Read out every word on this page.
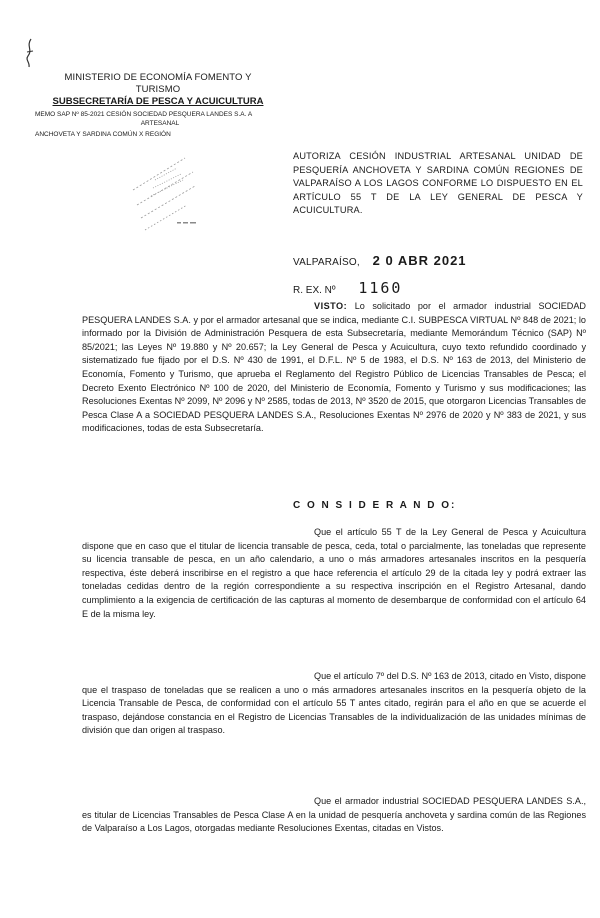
MINISTERIO DE ECONOMÍA FOMENTO Y TURISMO
SUBSECRETARÍA DE PESCA Y ACUICULTURA
MEMO SAP Nº 85-2021 CESIÓN SOCIEDAD PESQUERA LANDES S.A. A
ARTESANAL
ANCHOVETA Y SARDINA COMÚN X REGIÓN
AUTORIZA CESIÓN INDUSTRIAL ARTESANAL UNIDAD DE PESQUERÍA ANCHOVETA Y SARDINA COMÚN REGIONES DE VALPARAÍSO A LOS LAGOS CONFORME LO DISPUESTO EN EL ARTÍCULO 55 T DE LA LEY GENERAL DE PESCA Y ACUICULTURA.
VALPARAÍSO, 2 0 ABR 2021
R. EX. Nº 1160
VISTO: Lo solicitado por el armador industrial SOCIEDAD PESQUERA LANDES S.A. y por el armador artesanal que se indica, mediante C.I. SUBPESCA VIRTUAL Nº 848 de 2021; lo informado por la División de Administración Pesquera de esta Subsecretaría, mediante Memorándum Técnico (SAP) Nº 85/2021; las Leyes Nº 19.880 y Nº 20.657; la Ley General de Pesca y Acuicultura, cuyo texto refundido coordinado y sistematizado fue fijado por el D.S. Nº 430 de 1991, el D.F.L. Nº 5 de 1983, el D.S. Nº 163 de 2013, del Ministerio de Economía, Fomento y Turismo, que aprueba el Reglamento del Registro Público de Licencias Transables de Pesca; el Decreto Exento Electrónico Nº 100 de 2020, del Ministerio de Economía, Fomento y Turismo y sus modificaciones; las Resoluciones Exentas Nº 2099, Nº 2096 y Nº 2585, todas de 2013, Nº 3520 de 2015, que otorgaron Licencias Transables de Pesca Clase A a SOCIEDAD PESQUERA LANDES S.A., Resoluciones Exentas Nº 2976 de 2020 y Nº 383 de 2021, y sus modificaciones, todas de esta Subsecretaría.
C O N S I D E R A N D O:
Que el artículo 55 T de la Ley General de Pesca y Acuicultura dispone que en caso que el titular de licencia transable de pesca, ceda, total o parcialmente, las toneladas que represente su licencia transable de pesca, en un año calendario, a uno o más armadores artesanales inscritos en la pesquería respectiva, éste deberá inscribirse en el registro a que hace referencia el artículo 29 de la citada ley y podrá extraer las toneladas cedidas dentro de la región correspondiente a su respectiva inscripción en el Registro Artesanal, dando cumplimiento a la exigencia de certificación de las capturas al momento de desembarque de conformidad con el artículo 64 E de la misma ley.
Que el artículo 7º del D.S. Nº 163 de 2013, citado en Visto, dispone que el traspaso de toneladas que se realicen a uno o más armadores artesanales inscritos en la pesquería objeto de la Licencia Transable de Pesca, de conformidad con el artículo 55 T antes citado, regirán para el año en que se acuerde el traspaso, dejándose constancia en el Registro de Licencias Transables de la individualización de las unidades mínimas de división que dan origen al traspaso.
Que el armador industrial SOCIEDAD PESQUERA LANDES S.A., es titular de Licencias Transables de Pesca Clase A en la unidad de pesquería anchoveta y sardina común de las Regiones de Valparaíso a Los Lagos, otorgadas mediante Resoluciones Exentas, citadas en Vistos.
